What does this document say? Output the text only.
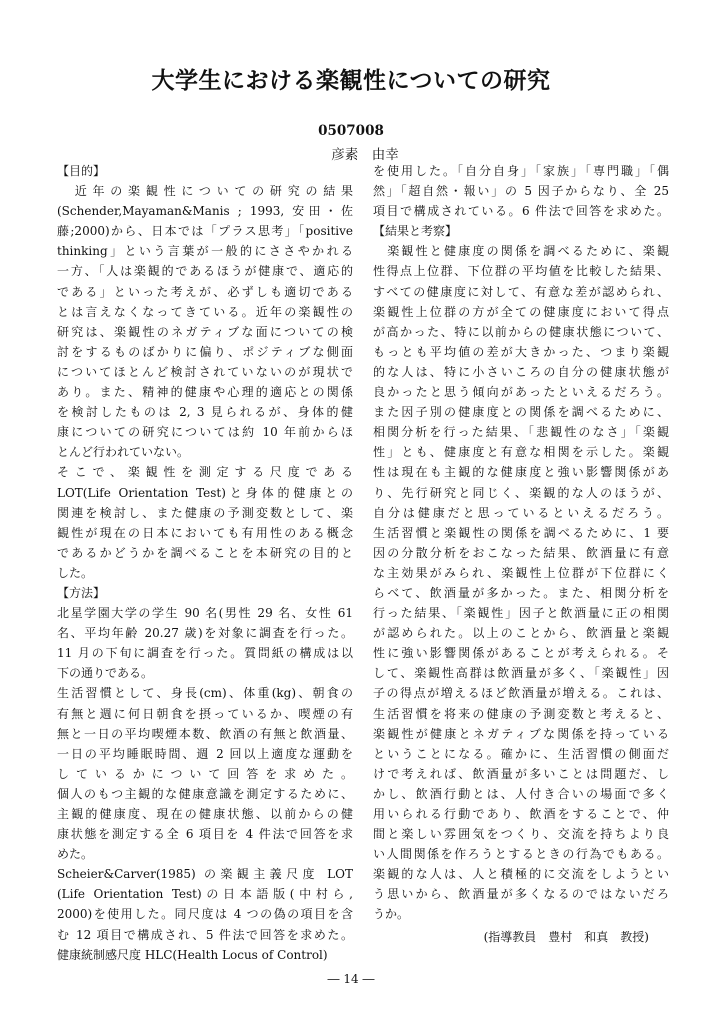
大学生における楽観性についての研究
0507008
彦素　由幸
【目的】
　近年の楽観性についての研究の結果
(Schender,Mayaman&Manis ; 1993, 安田・佐
藤;2000)から、日本では「プラス思考」「positive
thinking」という言葉が一般的にささやかれる
一方、「人は楽観的であるほうが健康で、適応的
である」といった考えが、必ずしも適切である
とは言えなくなってきている。近年の楽観性の
研究は、楽観性のネガティブな面についての検
討をするものばかりに偏り、ポジティブな側面
についてほとんど検討されていないのが現状で
あり。また、精神的健康や心理的適応との関係
を検討したものは 2, 3 見られるが、身体的健
康についての研究については約 10 年前からほ
とんど行われていない。
そこで、楽観性を測定する尺度である
LOT(Life Orientation Test)と身体的健康との
関連を検討し、また健康の予測変数として、楽
観性が現在の日本においても有用性のある概念
であるかどうかを調べることを本研究の目的と
した。
【方法】
北星学園大学の学生 90 名(男性 29 名、女性 61
名、平均年齢 20.27 歳)を対象に調査を行った。
11 月の下旬に調査を行った。質問紙の構成は以
下の通りである。
生活習慣として、身長(cm)、体重(kg)、朝食の
有無と週に何日朝食を摂っているか、喫煙の有
無と一日の平均喫煙本数、飲酒の有無と飲酒量、
一日の平均睡眠時間、週 2 回以上適度な運動を
しているかについて回答を求めた。
個人のもつ主観的な健康意識を測定するために、
主観的健康度、現在の健康状態、以前からの健
康状態を測定する全 6 項目を 4 件法で回答を求
めた。
Scheier&Carver(1985) の楽観主義尺度 LOT
(Life Orientation Test)の日本語版(中村ら,
2000)を使用した。同尺度は 4 つの偽の項目を含
む 12 項目で構成され、5 件法で回答を求めた。
健康統制感尺度 HLC(Health Locus of Control)
を使用した。「自分自身」「家族」「専門職」「偶
然」「超自然・報い」の 5 因子からなり、全 25
項目で構成されている。6 件法で回答を求めた。
【結果と考察】
　楽観性と健康度の関係を調べるために、楽観
性得点上位群、下位群の平均値を比較した結果、
すべての健康度に対して、有意な差が認められ、
楽観性上位群の方が全ての健康度において得点
が高かった、特に以前からの健康状態について、
もっとも平均値の差が大きかった、つまり楽観
的な人は、特に小さいころの自分の健康状態が
良かったと思う傾向があったといえるだろう。
また因子別の健康度との関係を調べるために、
相関分析を行った結果、「悲観性のなさ」「楽観
性」とも、健康度と有意な相関を示した。楽観
性は現在も主観的な健康度と強い影響関係があ
り、先行研究と同じく、楽観的な人のほうが、
自分は健康だと思っているといえるだろう。
生活習慣と楽観性の関係を調べるために、1 要
因の分散分析をおこなった結果、飲酒量に有意
な主効果がみられ、楽観性上位群が下位群にく
らべて、飲酒量が多かった。また、相関分析を
行った結果、「楽観性」因子と飲酒量に正の相関
が認められた。以上のことから、飲酒量と楽観
性に強い影響関係があることが考えられる。そ
して、楽観性高群は飲酒量が多く、「楽観性」因
子の得点が増えるほど飲酒量が増える。これは、
生活習慣を将来の健康の予測変数と考えると、
楽観性が健康とネガティブな関係を持っている
ということになる。確かに、生活習慣の側面だ
けで考えれば、飲酒量が多いことは問題だ、し
かし、飲酒行動とは、人付き合いの場面で多く
用いられる行動であり、飲酒をすることで、仲
間と楽しい雰囲気をつくり、交流を持ちより良
い人間関係を作ろうとするときの行為でもある。
楽観的な人は、人と積極的に交流をしようとい
う思いから、飲酒量が多くなるのではないだろ
うか。
(指導教員　豊村　和真　教授)
― 14 ―
